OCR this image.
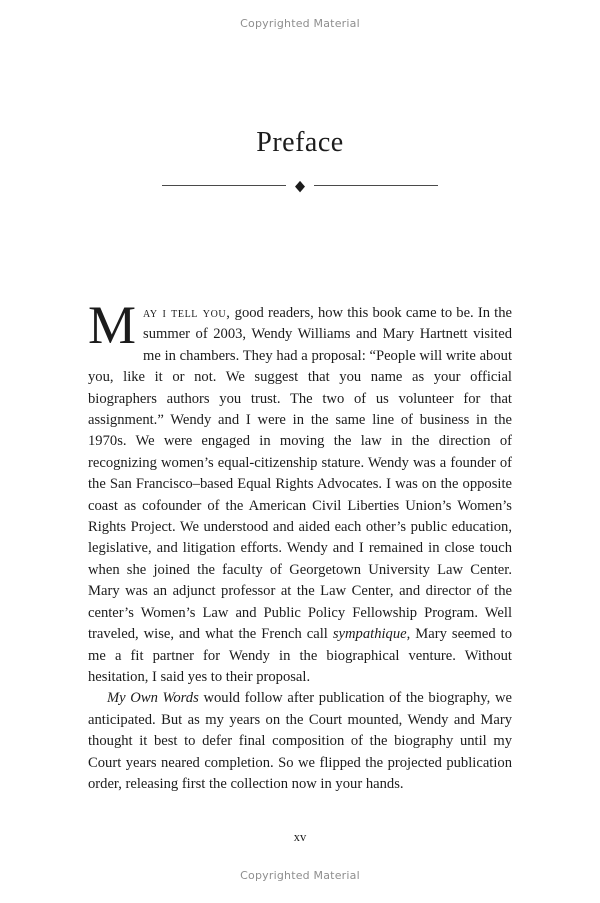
Copyrighted Material
Preface
◆

May i tell you, good readers, how this book came to be. In the summer of 2003, Wendy Williams and Mary Hartnett visited me in chambers. They had a proposal: “People will write about you, like it or not. We suggest that you name as your official biographers authors you trust. The two of us volunteer for that assignment.” Wendy and I were in the same line of business in the 1970s. We were engaged in moving the law in the direction of recognizing women’s equal-citizenship stature. Wendy was a founder of the San Francisco–based Equal Rights Advocates. I was on the opposite coast as cofounder of the American Civil Liberties Union’s Women’s Rights Project. We understood and aided each other’s public education, legislative, and litigation efforts. Wendy and I remained in close touch when she joined the faculty of Georgetown University Law Center. Mary was an adjunct professor at the Law Center, and director of the center’s Women’s Law and Public Policy Fellowship Program. Well traveled, wise, and what the French call sympathique, Mary seemed to me a fit partner for Wendy in the biographical venture. Without hesitation, I said yes to their proposal.

My Own Words would follow after publication of the biography, we anticipated. But as my years on the Court mounted, Wendy and Mary thought it best to defer final composition of the biography until my Court years neared completion. So we flipped the projected publication order, releasing first the collection now in your hands.

xv
Copyrighted Material
